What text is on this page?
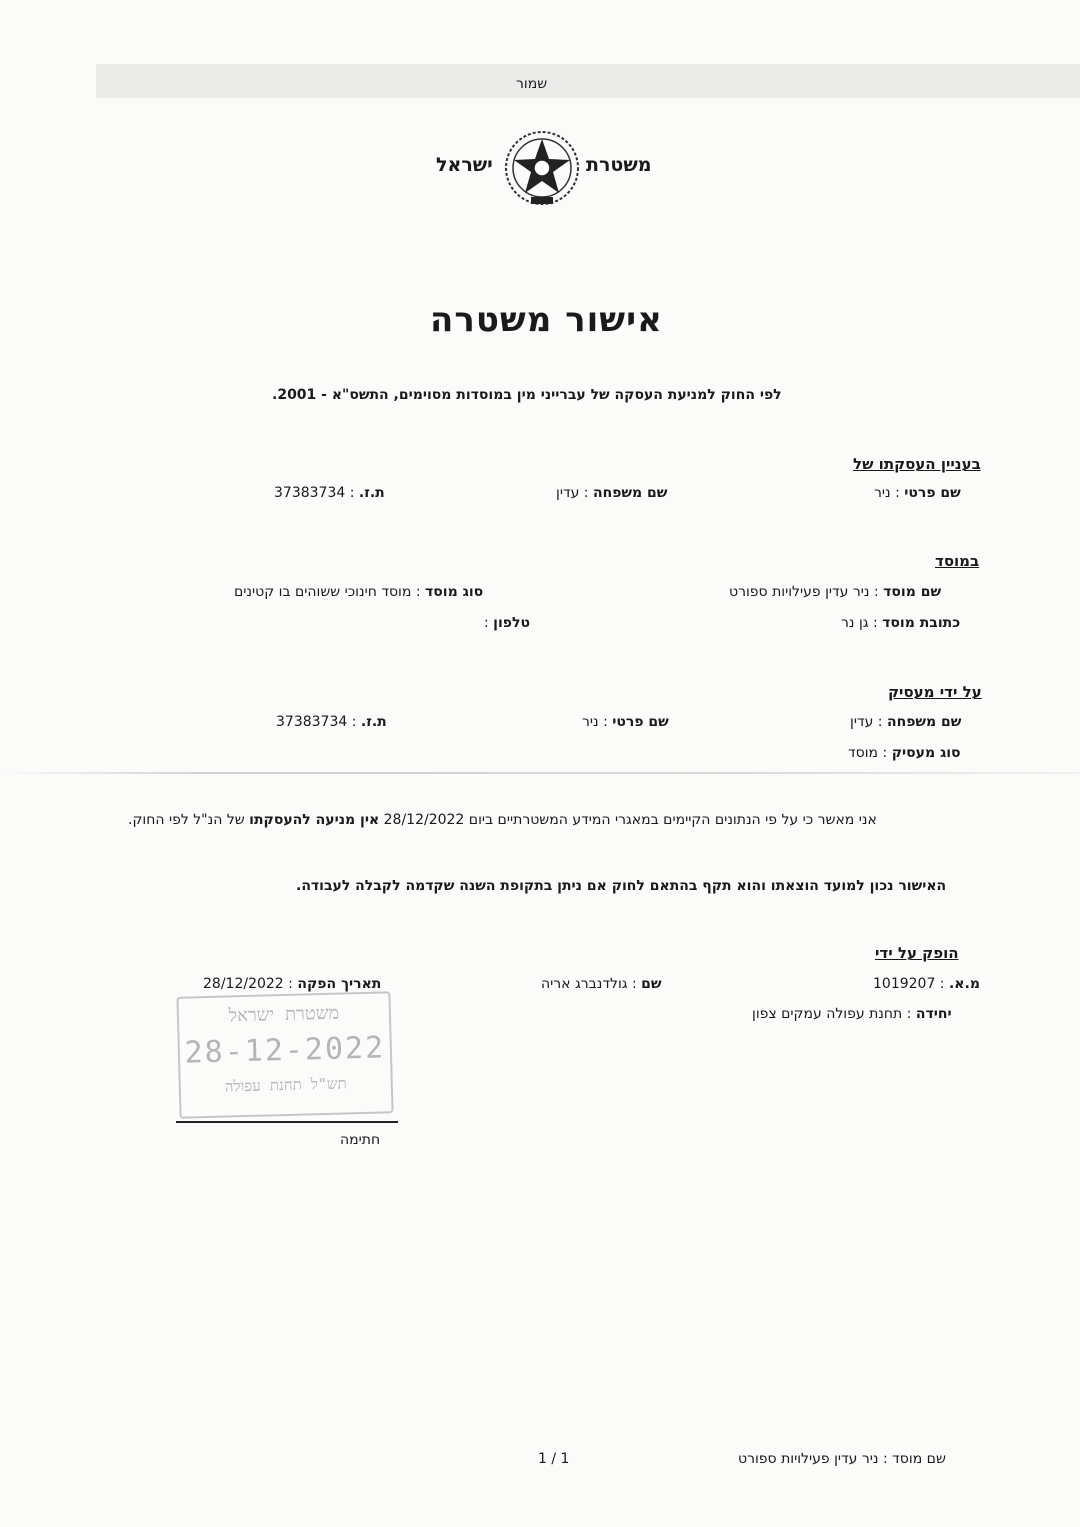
שמור
משטרת
ישראל
אישור משטרה
לפי החוק למניעת העסקה של עברייני מין במוסדות מסוימים, התשס"א - 2001.
בעניין העסקתו של
שם פרטי : ניר
שם משפחה : עדין
ת.ז. : 37383734
במוסד
שם מוסד : ניר עדין פעילויות ספורט
סוג מוסד : מוסד חינוכי ששוהים בו קטינים
כתובת מוסד : גן נר
טלפון :
על ידי מעסיק
שם משפחה : עדין
שם פרטי : ניר
ת.ז. : 37383734
סוג מעסיק : מוסד
אני מאשר כי על פי הנתונים הקיימים במאגרי המידע המשטרתיים ביום 28/12/2022 אין מניעה להעסקתו של הנ"ל לפי החוק.
האישור נכון למועד הוצאתו והוא תקף בהתאם לחוק אם ניתן בתקופת השנה שקדמה לקבלה לעבודה.
הופק על ידי
מ.א. : 1019207
שם : גולדנברג אריה
תאריך הפקה : 28/12/2022
יחידה : תחנת עפולה עמקים צפון
משטרת ישראל
28-12-2022
תש"ל תחנת עפולה
חתימה
שם מוסד : ניר עדין פעילויות ספורט
1 / 1
